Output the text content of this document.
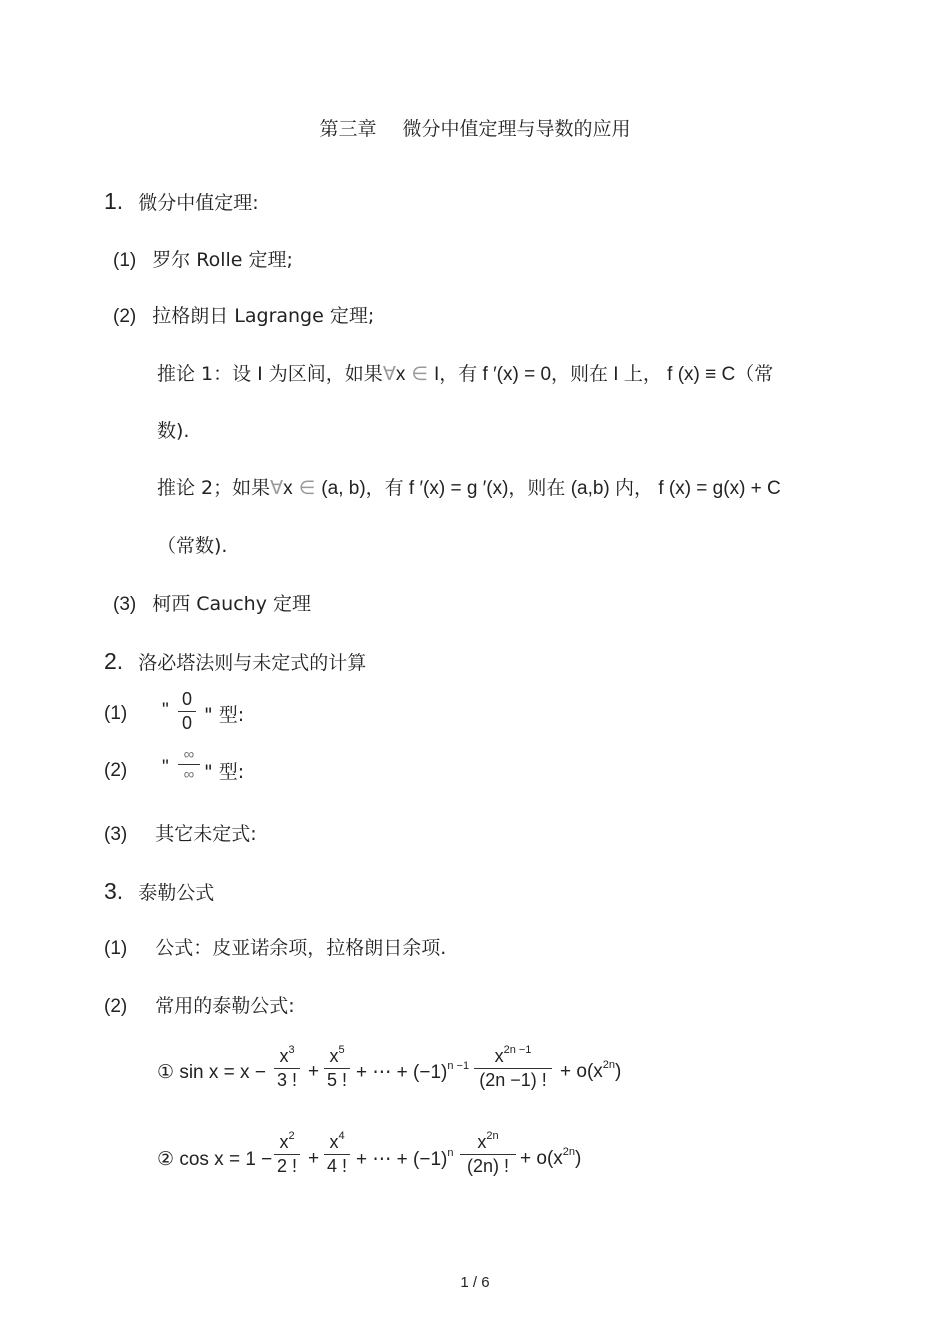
第三章 微分中值定理与导数的应用
1. 微分中值定理:
(1) 罗尔 Rolle 定理;
(2) 拉格朗日 Lagrange 定理;
推论 1：设 I 为区间，如果∀x ∈ I，有 f ′(x) = 0，则在 I 上， f (x) ≡ C（常
数).
推论 2；如果∀x ∈ (a, b)，有 f ′(x) = g ′(x)，则在 (a,b) 内， f (x) = g(x) + C
（常数).
(3) 柯西 Cauchy 定理
2. 洛必塔法则与未定式的计算
(1) "
0
0 " 型:
(2) "
∞
∞ " 型:
(3) 其它未定式:
3. 泰勒公式
(1) 公式：皮亚诺余项，拉格朗日余项.
(2) 常用的泰勒公式:
① sin x = x −
$x^3$
3 ! +
$x^5$
5 ! + ⋯ + $(-1)^{n -1}$	$x^{2n -1}$
(2n −1) ! + $o(x^{2n})$
② cos x = 1 −
$x^2$
2 ! +
$x^4$
4 ! + ⋯ + $(-1)^n$
$x^{2n}$
(2n) ! + $o(x^{2n})$
1 / 6
